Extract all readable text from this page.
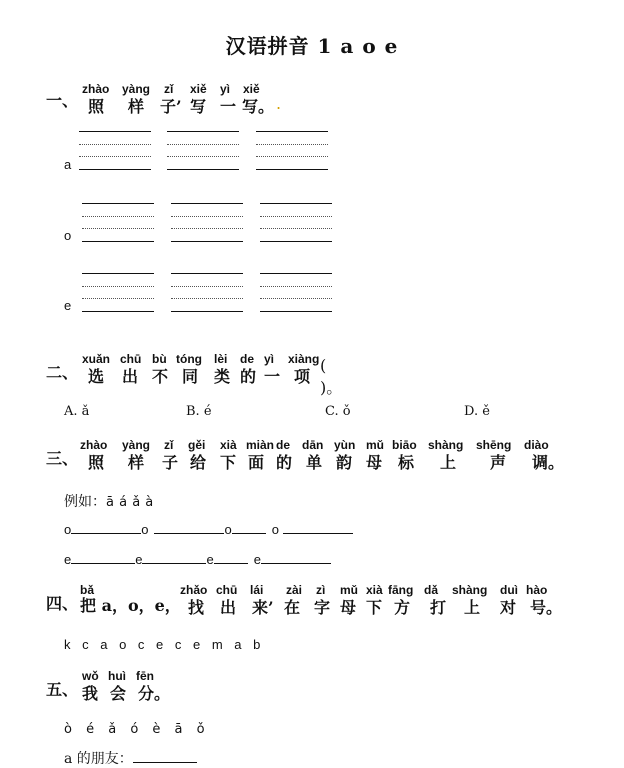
汉语拼音 1 a o e
一、
zhào yàng zǐ xiě yì xiě
照 样 子’ 写 一 写。 .
a
o
e
二、
xuǎn chū bù tóng lèi de yì xiàng
选 出 不 同 类 的 一 项
( )。
A. ǎ	B. é	C. ǒ	D. ě
三、
zhào yàng zǐ gěi xià miàn de dān yùn mǔ biāo shàng shēng diào
照 样 子 给 下 面 的 单 韵 母 标 上 声 调。
例如：ā á ǎ à
o	o	o	o
e	e	e	e
四、
bǎ
把 a，o，e，
zhǎo chū lái zài zì mǔ xià fāng dǎ shàng duì hào
找 出 来’ 在 字 母 下 方 打 上 对 号。
k c a o c e c e m a b
五、
wǒ huì fēn
我 会 分。
ò é ǎ ó è ā ǒ
a 的朋友：
